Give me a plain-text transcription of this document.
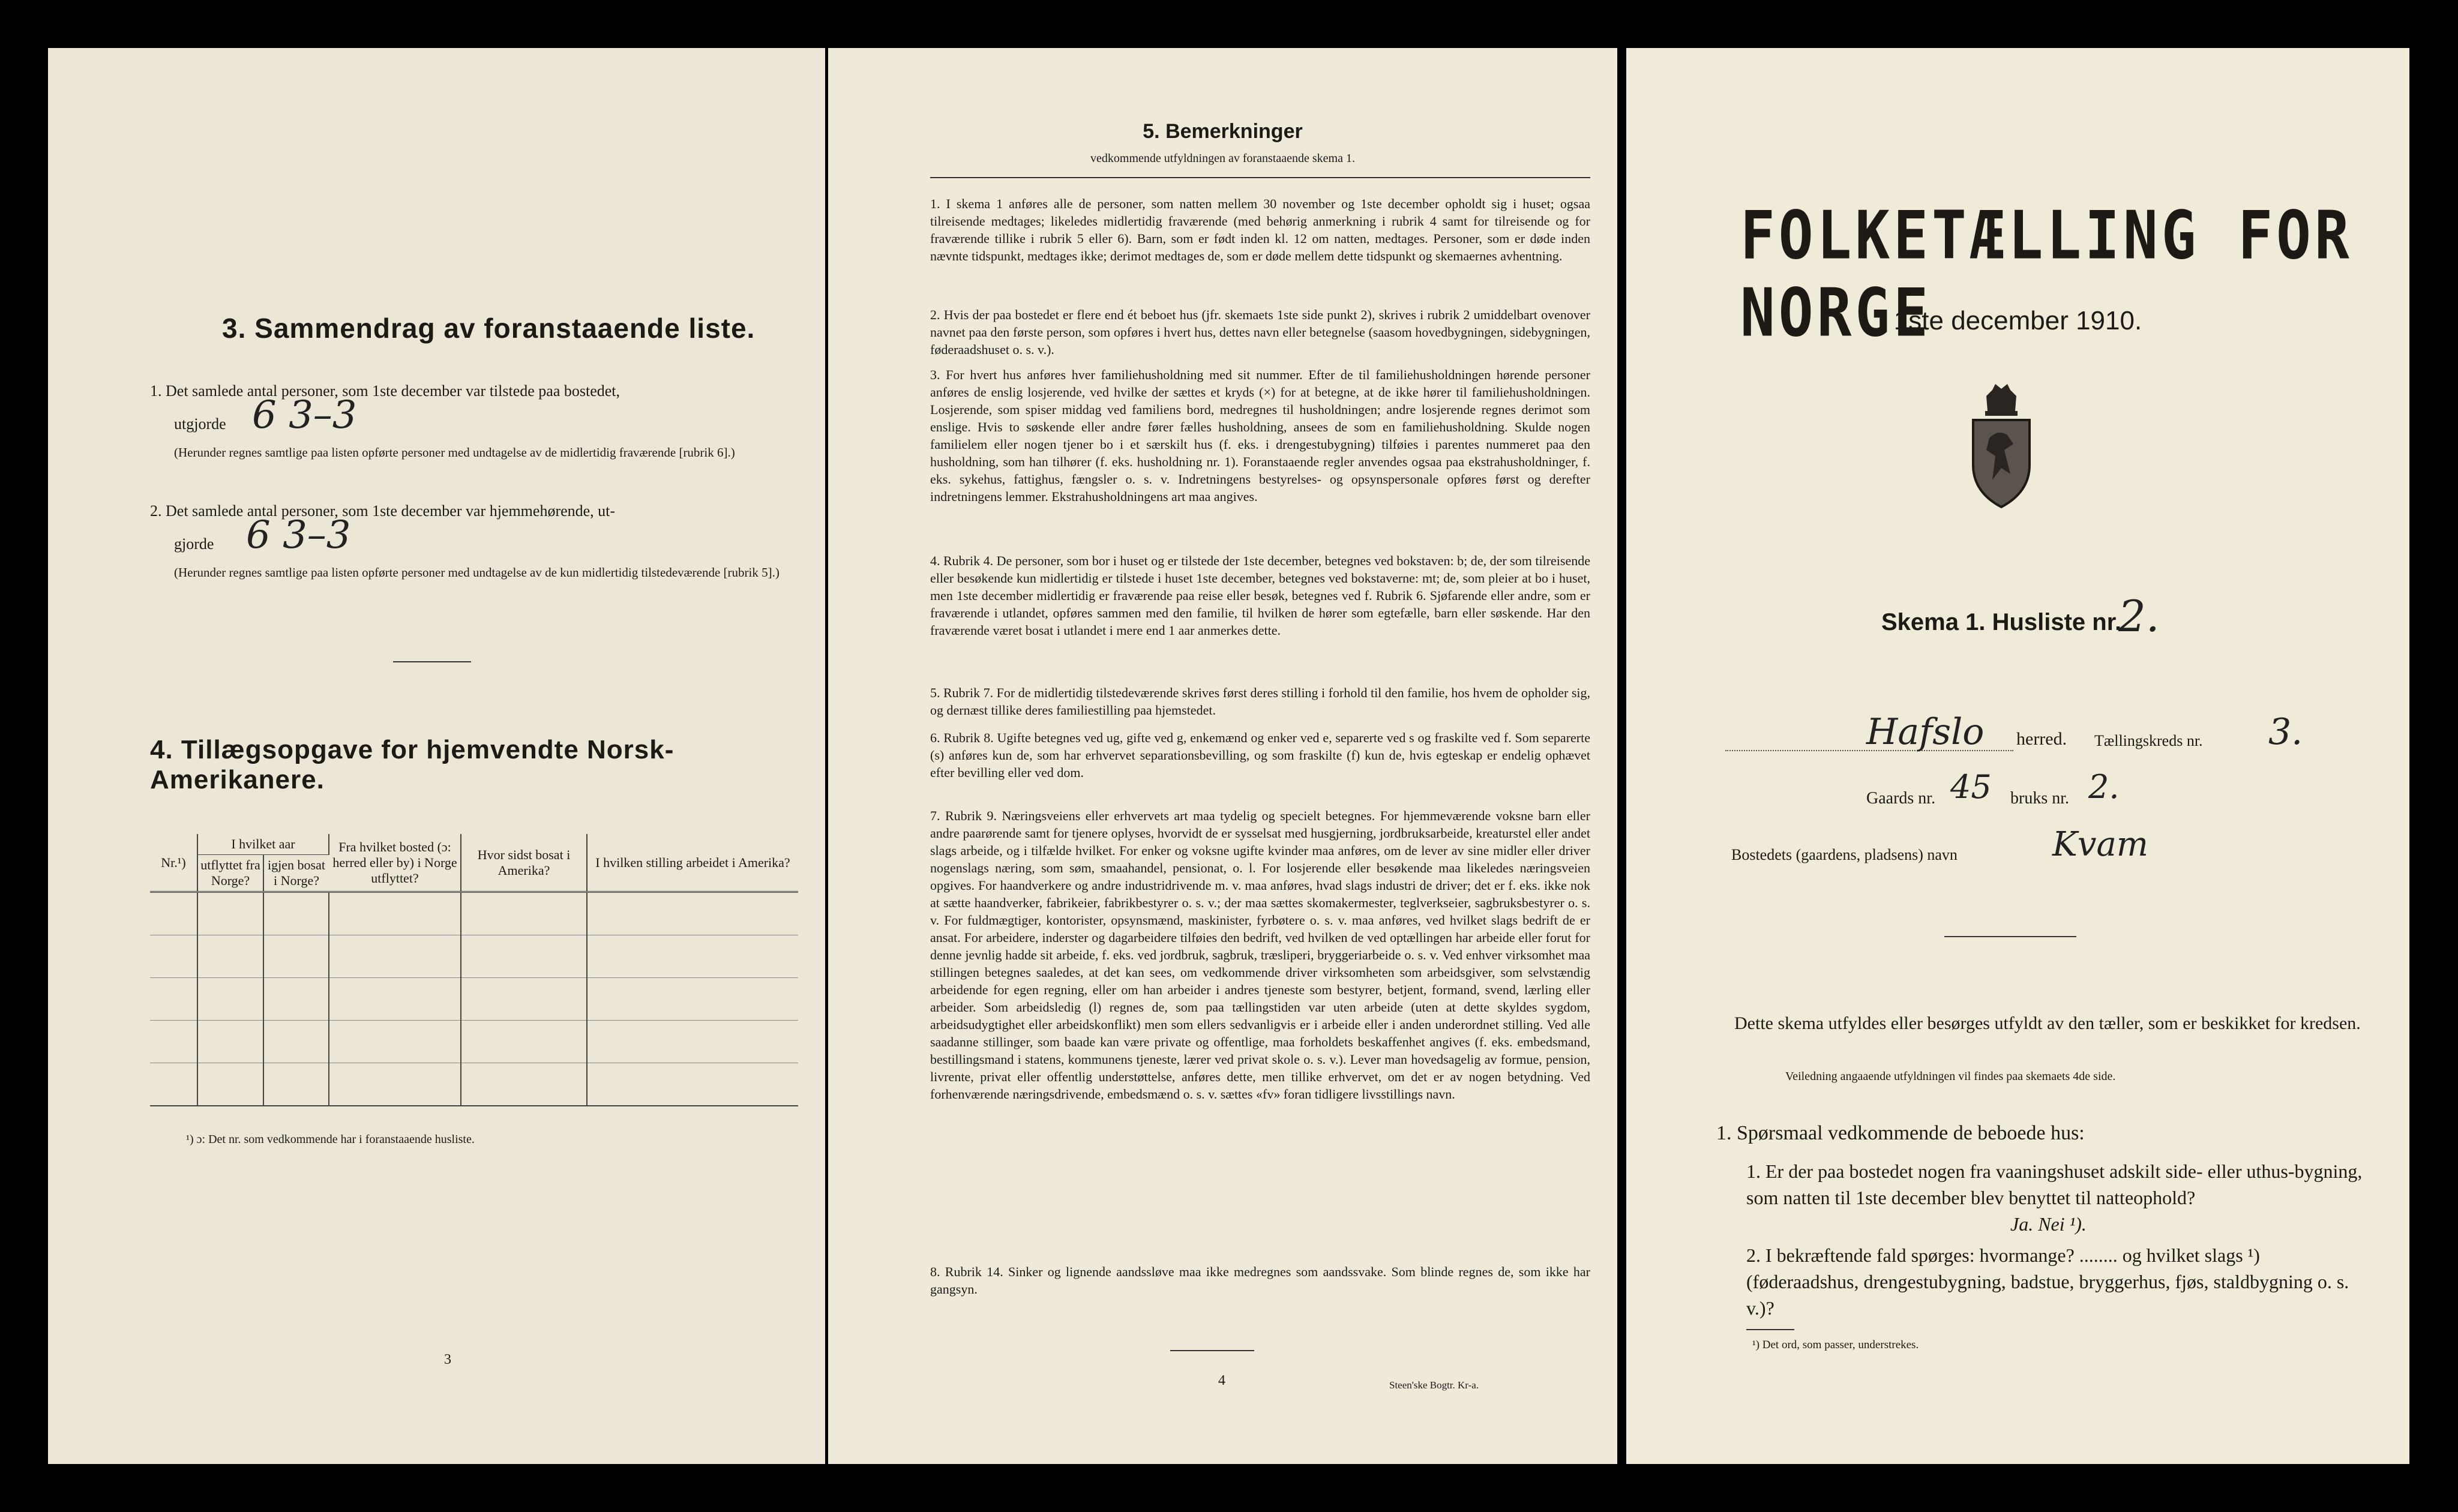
3. Sammendrag av foranstaaende liste.
1. Det samlede antal personer, som 1ste december var tilstede paa bostedet,
utgjorde 6 3–3
(Herunder regnes samtlige paa listen opførte personer med undtagelse av de midlertidig fraværende [rubrik 6].)
2. Det samlede antal personer, som 1ste december var hjemmehørende, ut-
gjorde 6 3–3
(Herunder regnes samtlige paa listen opførte personer med undtagelse av de kun midlertidig tilstedeværende [rubrik 5].)
4. Tillægsopgave for hjemvendte Norsk-Amerikanere.
Nr.¹)	I hvilket aar		Fra hvilket bosted (ɔ: herred eller by) i Norge utflyttet?	Hvor sidst bosat i Amerika?	I hvilken stilling arbeidet i Amerika?
	utflyttet fra Norge?	igjen bosat i Norge?			

¹) ɔ: Det nr. som vedkommende har i foranstaaende husliste.
3
5. Bemerkninger
vedkommende utfyldningen av foranstaaende skema 1.
1. I skema 1 anføres alle de personer, som natten mellem 30 november og 1ste december opholdt sig i huset; ogsaa tilreisende medtages; likeledes midlertidig fraværende (med behørig anmerkning i rubrik 4 samt for tilreisende og for fraværende tillike i rubrik 5 eller 6). Barn, som er født inden kl. 12 om natten, medtages. Personer, som er døde inden nævnte tidspunkt, medtages ikke; derimot medtages de, som er døde mellem dette tidspunkt og skemaernes avhentning.
2. Hvis der paa bostedet er flere end ét beboet hus (jfr. skemaets 1ste side punkt 2), skrives i rubrik 2 umiddelbart ovenover navnet paa den første person, som opføres i hvert hus, dettes navn eller betegnelse (saasom hovedbygningen, sidebygningen, føderaadshuset o. s. v.).
3. For hvert hus anføres hver familiehusholdning med sit nummer. Efter de til familiehusholdningen hørende personer anføres de enslig losjerende, ved hvilke der sættes et kryds (×) for at betegne, at de ikke hører til familiehusholdningen. Losjerende, som spiser middag ved familiens bord, medregnes til husholdningen; andre losjerende regnes derimot som enslige. Hvis to søskende eller andre fører fælles husholdning, ansees de som en familiehusholdning. Skulde nogen familielem eller nogen tjener bo i et særskilt hus (f. eks. i drengestubygning) tilføies i parentes nummeret paa den husholdning, som han tilhører (f. eks. husholdning nr. 1). Foranstaaende regler anvendes ogsaa paa ekstrahusholdninger, f. eks. sykehus, fattighus, fængsler o. s. v. Indretningens bestyrelses- og opsynspersonale opføres først og derefter indretningens lemmer. Ekstrahusholdningens art maa angives.
4. Rubrik 4. De personer, som bor i huset og er tilstede der 1ste december, betegnes ved bokstaven: b; de, der som tilreisende eller besøkende kun midlertidig er tilstede i huset 1ste december, betegnes ved bokstaverne: mt; de, som pleier at bo i huset, men 1ste december midlertidig er fraværende paa reise eller besøk, betegnes ved f. Rubrik 6. Sjøfarende eller andre, som er fraværende i utlandet, opføres sammen med den familie, til hvilken de hører som egtefælle, barn eller søskende. Har den fraværende været bosat i utlandet i mere end 1 aar anmerkes dette.
5. Rubrik 7. For de midlertidig tilstedeværende skrives først deres stilling i forhold til den familie, hos hvem de opholder sig, og dernæst tillike deres familiestilling paa hjemstedet.
6. Rubrik 8. Ugifte betegnes ved ug, gifte ved g, enkemænd og enker ved e, separerte ved s og fraskilte ved f. Som separerte (s) anføres kun de, som har erhvervet separationsbevilling, og som fraskilte (f) kun de, hvis egteskap er endelig ophævet efter bevilling eller ved dom.
7. Rubrik 9. Næringsveiens eller erhvervets art maa tydelig og specielt betegnes. For hjemmeværende voksne barn eller andre paarørende samt for tjenere oplyses, hvorvidt de er sysselsat med husgjerning, jordbruksarbeide, kreaturstel eller andet slags arbeide, og i tilfælde hvilket. For enker og voksne ugifte kvinder maa anføres, om de lever av sine midler eller driver nogenslags næring, som søm, smaahandel, pensionat, o. l. For losjerende eller besøkende maa likeledes næringsveien opgives. For haandverkere og andre industridrivende m. v. maa anføres, hvad slags industri de driver; det er f. eks. ikke nok at sætte haandverker, fabrikeier, fabrikbestyrer o. s. v.; der maa sættes skomakermester, teglverkseier, sagbruksbestyrer o. s. v. For fuldmægtiger, kontorister, opsynsmænd, maskinister, fyrbøtere o. s. v. maa anføres, ved hvilket slags bedrift de er ansat. For arbeidere, inderster og dagarbeidere tilføies den bedrift, ved hvilken de ved optællingen har arbeide eller forut for denne jevnlig hadde sit arbeide, f. eks. ved jordbruk, sagbruk, træsliperi, bryggeriarbeide o. s. v. Ved enhver virksomhet maa stillingen betegnes saaledes, at det kan sees, om vedkommende driver virksomheten som arbeidsgiver, som selvstændig arbeidende for egen regning, eller om han arbeider i andres tjeneste som bestyrer, betjent, formand, svend, lærling eller arbeider. Som arbeidsledig (l) regnes de, som paa tællingstiden var uten arbeide (uten at dette skyldes sygdom, arbeidsudygtighet eller arbeidskonflikt) men som ellers sedvanligvis er i arbeide eller i anden underordnet stilling. Ved alle saadanne stillinger, som baade kan være private og offentlige, maa forholdets beskaffenhet angives (f. eks. embedsmand, bestillingsmand i statens, kommunens tjeneste, lærer ved privat skole o. s. v.). Lever man hovedsagelig av formue, pension, livrente, privat eller offentlig understøttelse, anføres dette, men tillike erhvervet, om det er av nogen betydning. Ved forhenværende næringsdrivende, embedsmænd o. s. v. sættes «fv» foran tidligere livsstillings navn.
8. Rubrik 14. Sinker og lignende aandssløve maa ikke medregnes som aandssvake. Som blinde regnes de, som ikke har gangsyn.
4	Steen'ske Bogtr. Kr-a.
FOLKETÆLLING FOR NORGE
1ste december 1910.
Skema 1. Husliste nr.
2.
Hafslo herred. Tællingskreds nr. 3.
Gaards nr. 45 bruks nr. 2.
Bostedets (gaardens, pladsens) navn	Kvam
Dette skema utfyldes eller besørges utfyldt av den tæller, som er beskikket for kredsen.
Veiledning angaaende utfyldningen vil findes paa skemaets 4de side.
1. Spørsmaal vedkommende de beboede hus:
1. Er der paa bostedet nogen fra vaaningshuset adskilt side- eller uthus-bygning, som natten til 1ste december blev benyttet til natteophold?
Ja. Nei ¹).
2. I bekræftende fald spørges: hvormange? ........ og hvilket slags ¹) (føderaadshus, drengestubygning, badstue, bryggerhus, fjøs, staldbygning o. s. v.)?
¹) Det ord, som passer, understrekes.
